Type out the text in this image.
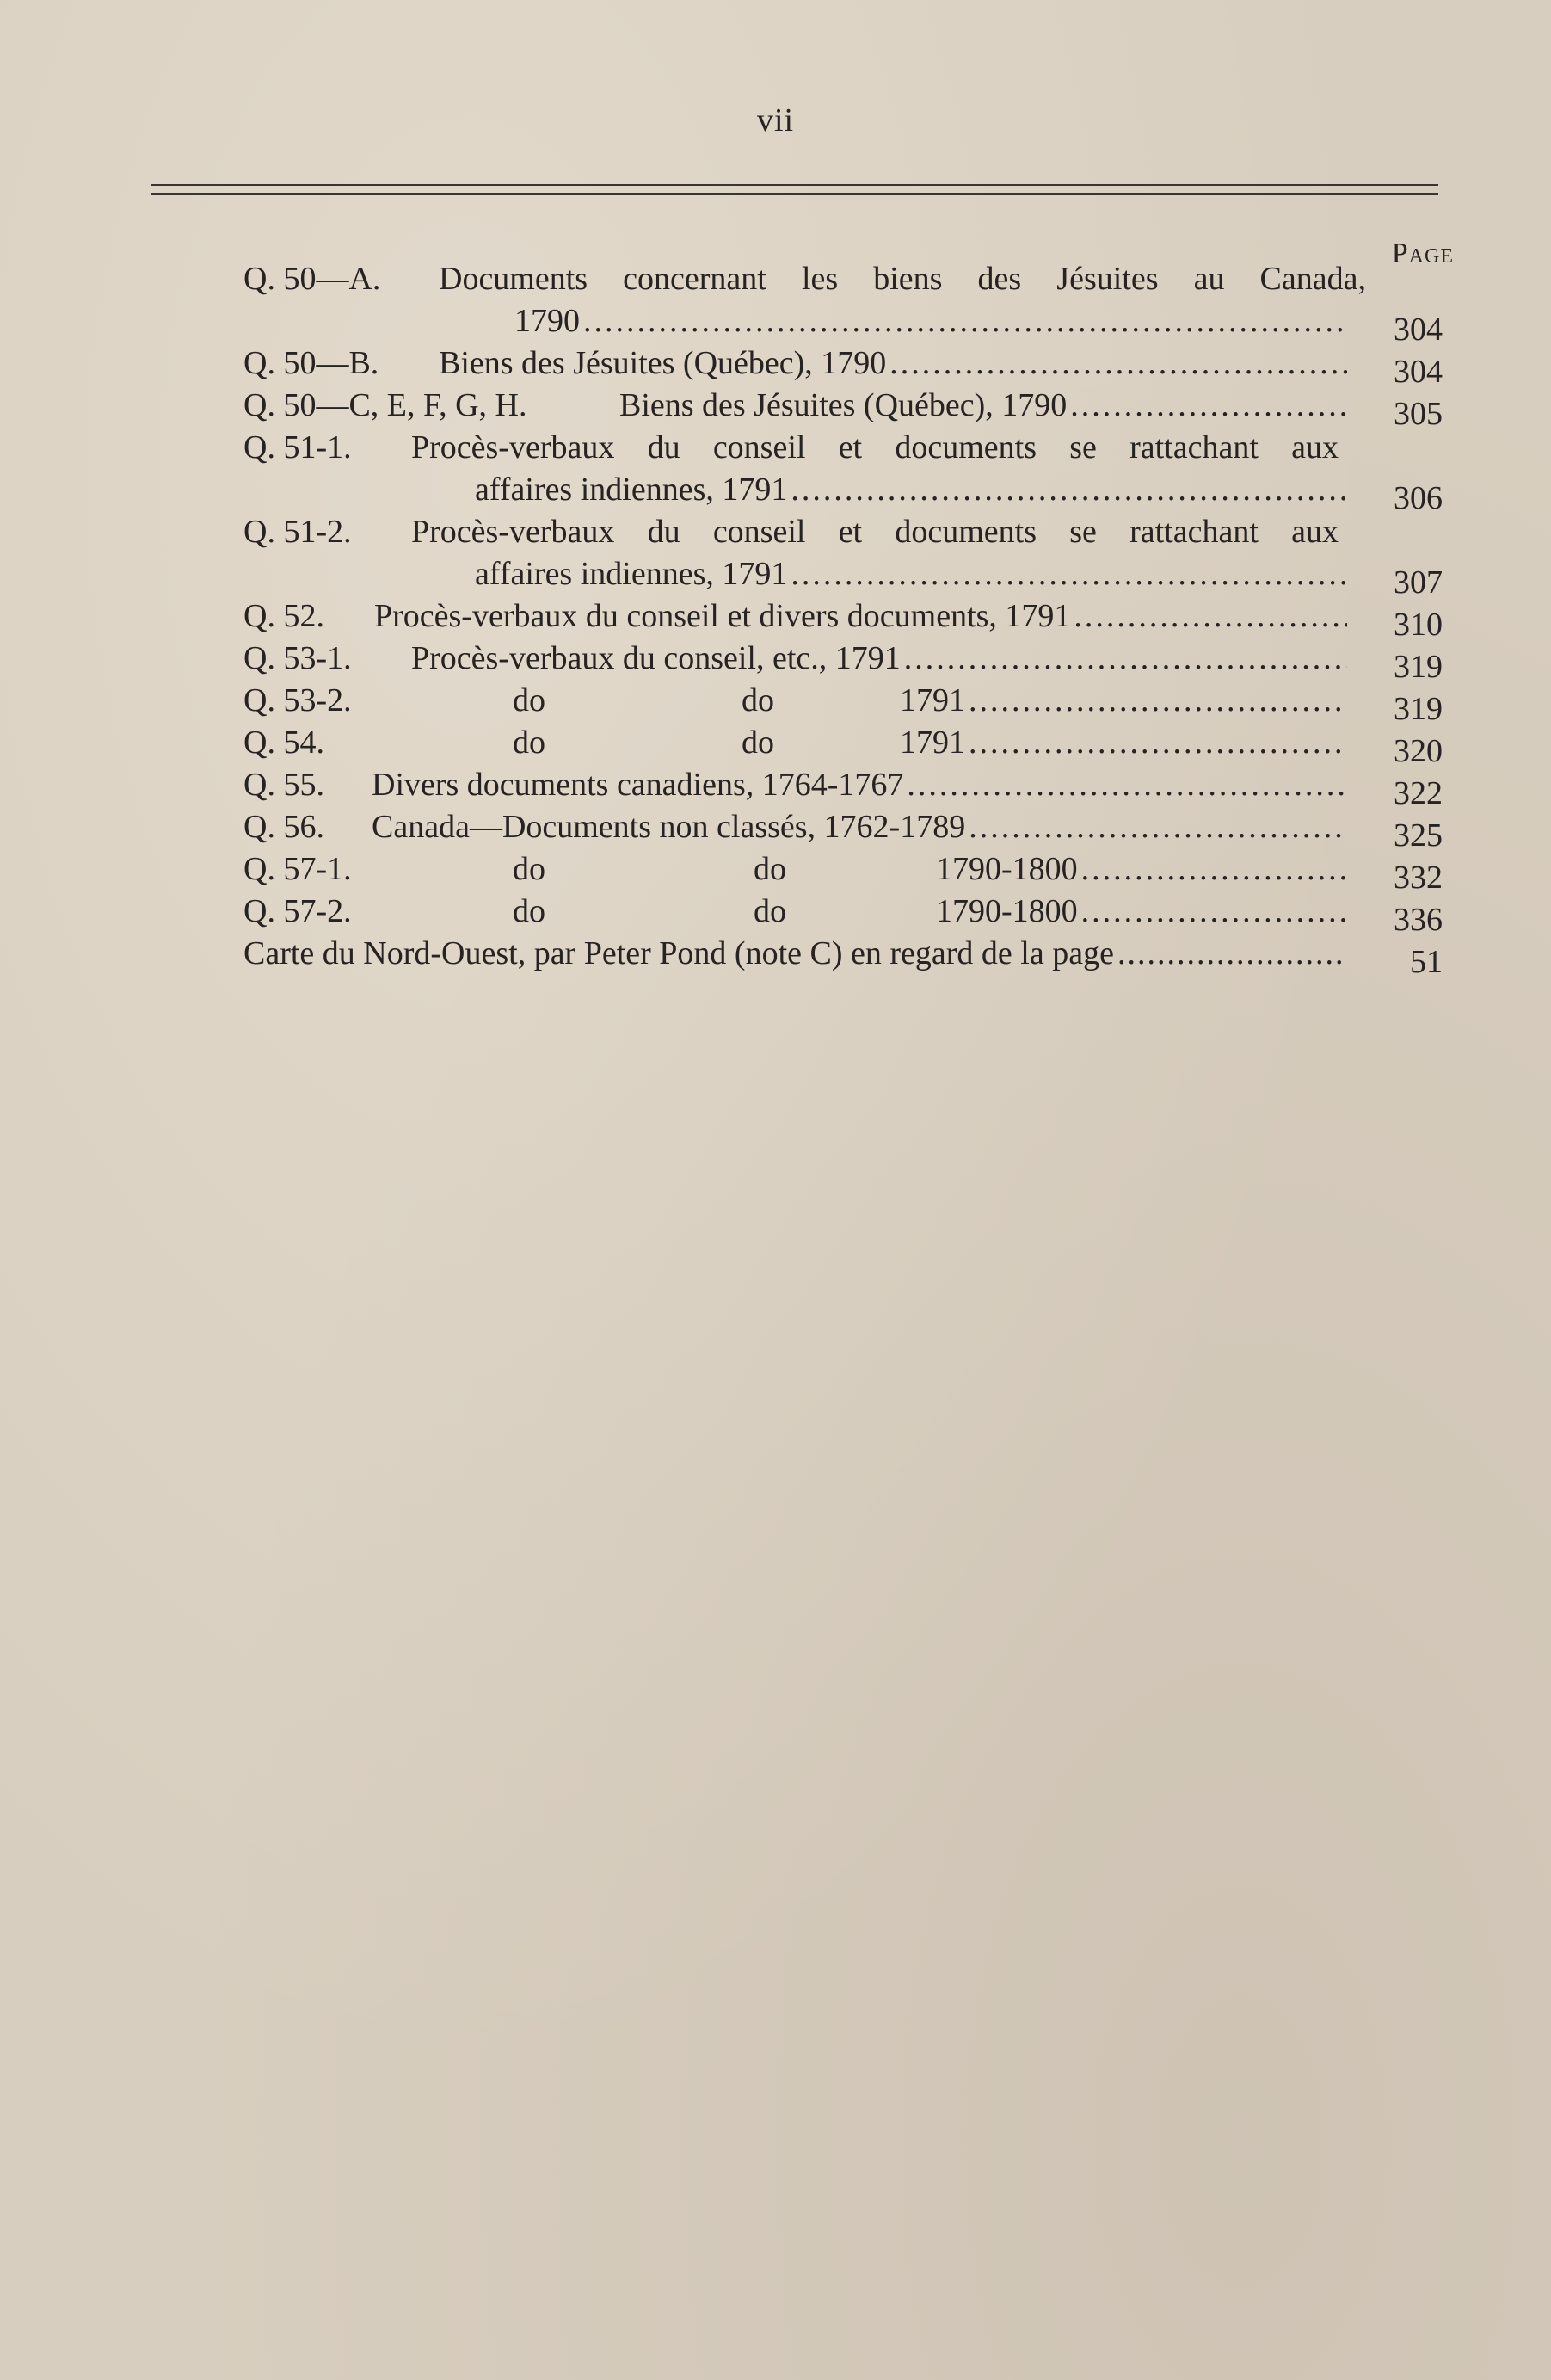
vii
Page
Q. 50—A. Documents concernant les biens des Jésuites au Canada,
1790 .....	304
Q. 50—B. Biens des Jésuites (Québec), 1790 .....	304
Q. 50—C, E, F, G, H.	Biens des Jésuites (Québec), 1790 .....	305
Q. 51-1. Procès-verbaux du conseil et documents se rattachant aux
affaires indiennes, 1791 .....	306
Q. 51-2. Procès-verbaux du conseil et documents se rattachant aux
affaires indiennes, 1791 .....	307
Q. 52. Procès-verbaux du conseil et divers documents, 1791 .....	310
Q. 53-1. Procès-verbaux du conseil, etc., 1791 .....	319
Q. 53-2.	do	do	1791 .....	319
Q. 54.	do	do	1791 .....	320
Q. 55. Divers documents canadiens, 1764-1767 .....	322
Q. 56. Canada—Documents non classés, 1762-1789 .....	325
Q. 57-1.	do	do	1790-1800 .....	332
Q. 57-2.	do	do	1790-1800 .....	336
Carte du Nord-Ouest, par Peter Pond (note C) en regard de la page .....	51
